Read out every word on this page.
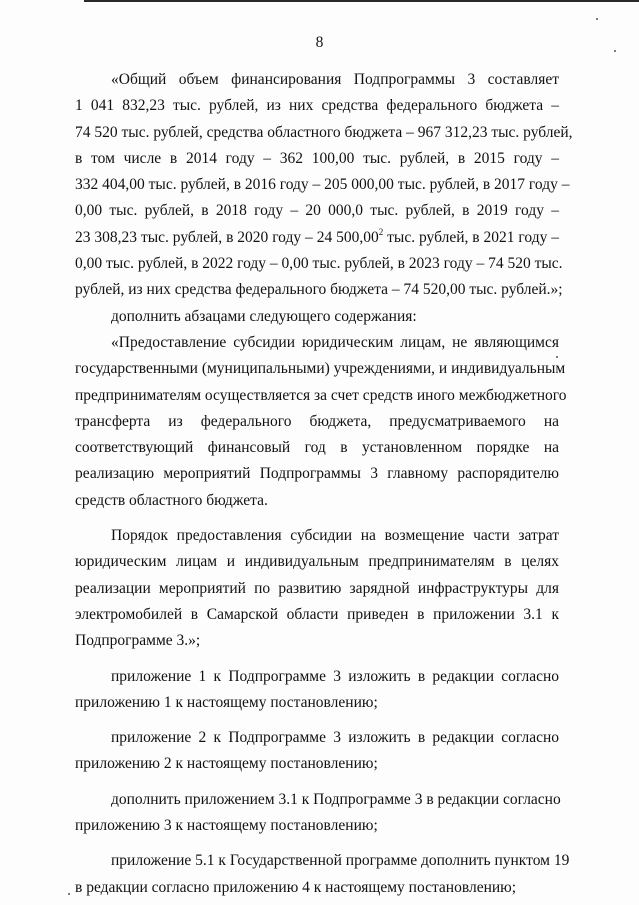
8

«Общий объем финансирования Подпрограммы 3 составляет
1 041 832,23 тыс. рублей, из них средства федерального бюджета –
74 520 тыс. рублей, средства областного бюджета – 967 312,23 тыс. рублей,
в том числе в 2014 году – 362 100,00 тыс. рублей, в 2015 году –
332 404,00 тыс. рублей, в 2016 году – 205 000,00 тыс. рублей, в 2017 году –
0,00 тыс. рублей, в 2018 году – 20 000,0 тыс. рублей, в 2019 году –
23 308,23 тыс. рублей, в 2020 году – 24 500,00$^2$ тыс. рублей, в 2021 году –
0,00 тыс. рублей, в 2022 году – 0,00 тыс. рублей, в 2023 году – 74 520 тыс.
рублей, из них средства федерального бюджета – 74 520,00 тыс. рублей.»;

дополнить абзацами следующего содержания:

«Предоставление субсидии юридическим лицам, не являющимся
государственными (муниципальными) учреждениями, и индивидуальным
предпринимателям осуществляется за счет средств иного межбюджетного
трансферта из федерального бюджета, предусматриваемого на
соответствующий финансовый год в установленном порядке на
реализацию мероприятий Подпрограммы 3 главному распорядителю
средств областного бюджета.

Порядок предоставления субсидии на возмещение части затрат
юридическим лицам и индивидуальным предпринимателям в целях
реализации мероприятий по развитию зарядной инфраструктуры для
электромобилей в Самарской области приведен в приложении 3.1 к
Подпрограмме 3.»;

приложение 1 к Подпрограмме 3 изложить в редакции согласно
приложению 1 к настоящему постановлению;

приложение 2 к Подпрограмме 3 изложить в редакции согласно
приложению 2 к настоящему постановлению;

дополнить приложением 3.1 к Подпрограмме 3 в редакции согласно
приложению 3 к настоящему постановлению;

приложение 5.1 к Государственной программе дополнить пунктом 19
в редакции согласно приложению 4 к настоящему постановлению;
